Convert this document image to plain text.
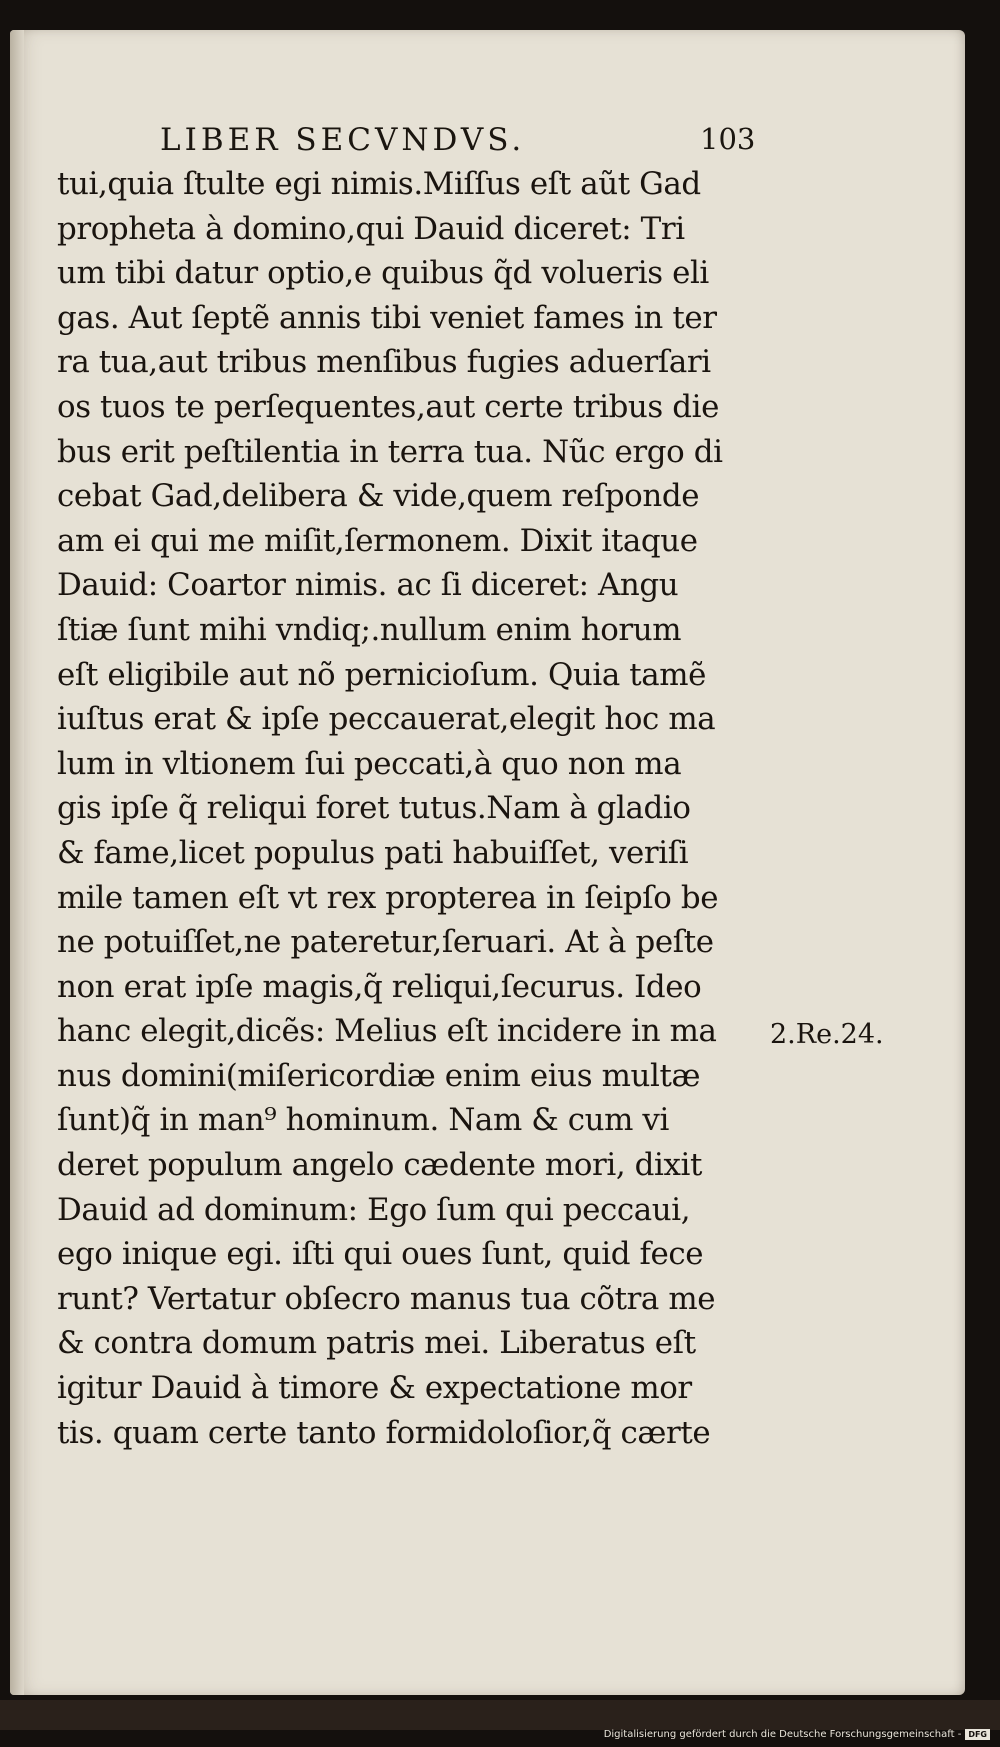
LIBER SECVNDVS.	103
tui,quia ſtulte egi nimis.Miſſus eſt aũt Gad
propheta à domino,qui Dauid diceret: Tri
um tibi datur optio,e quibus q̃d volueris eli
gas. Aut ſeptẽ annis tibi veniet fames in ter
ra tua,aut tribus menſibus fugies aduerſari
os tuos te perſequentes,aut certe tribus die
bus erit peſtilentia in terra tua. Nũc ergo di
cebat Gad,delibera & vide,quem reſponde
am ei qui me miſit,ſermonem. Dixit itaque
Dauid: Coartor nimis. ac ſi diceret: Angu
ſtiæ ſunt mihi vndiq;.nullum enim horum
eſt eligibile aut nõ pernicioſum. Quia tamẽ
iuſtus erat & ipſe peccauerat,elegit hoc ma
lum in vltionem ſui peccati,à quo non ma
gis ipſe q̃ reliqui foret tutus.Nam à gladio
& fame,licet populus pati habuiſſet, veriſi
mile tamen eſt vt rex propterea in ſeipſo be
ne potuiſſet,ne pateretur,ſeruari. At à peſte
non erat ipſe magis,q̃ reliqui,ſecurus. Ideo
hanc elegit,dicẽs: Melius eſt incidere in ma
nus domini(miſericordiæ enim eius multæ
ſunt)q̃ in man⁹ hominum. Nam & cum vi
deret populum angelo cædente mori, dixit
Dauid ad dominum: Ego ſum qui peccaui,
ego inique egi. iſti qui oues ſunt, quid fece
runt? Vertatur obſecro manus tua cõtra me
& contra domum patris mei. Liberatus eſt
igitur Dauid à timore & expectatione mor
tis. quam certe tanto formidoloſior,q̃ cærte
2.Re.24.
Digitalisierung gefördert durch die Deutsche Forschungsgemeinschaft - DFG
